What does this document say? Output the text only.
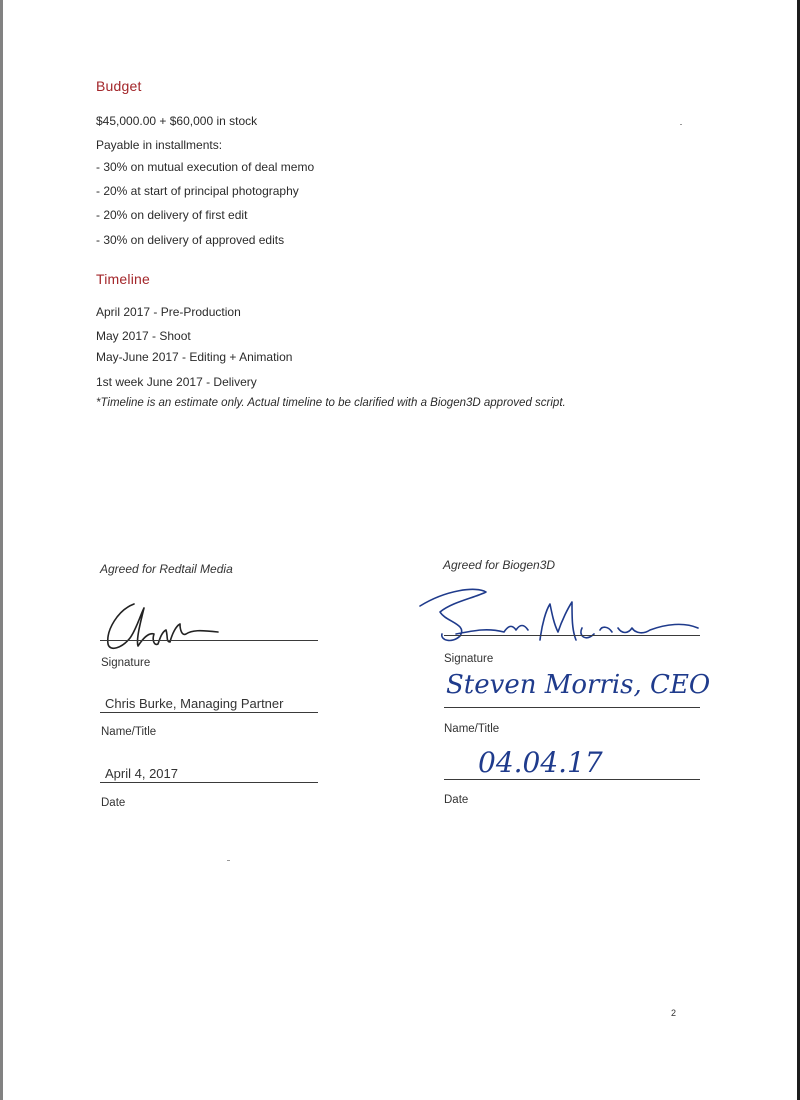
Budget
$45,000.00 + $60,000 in stock
Payable in installments:
- 30% on mutual execution of deal memo
- 20% at start of principal photography
- 20% on delivery of first edit
- 30% on delivery of approved edits
Timeline
April 2017 - Pre-Production
May 2017 - Shoot
May-June 2017 - Editing + Animation
1st week June 2017 - Delivery
*Timeline is an estimate only. Actual timeline to be clarified with a Biogen3D approved script.
Agreed for Redtail Media
Signature
Chris Burke, Managing Partner
Name/Title
April 4, 2017
Date
Agreed for Biogen3D
Signature
Steven Morris, CEO
Name/Title
04.04.17
Date
2
